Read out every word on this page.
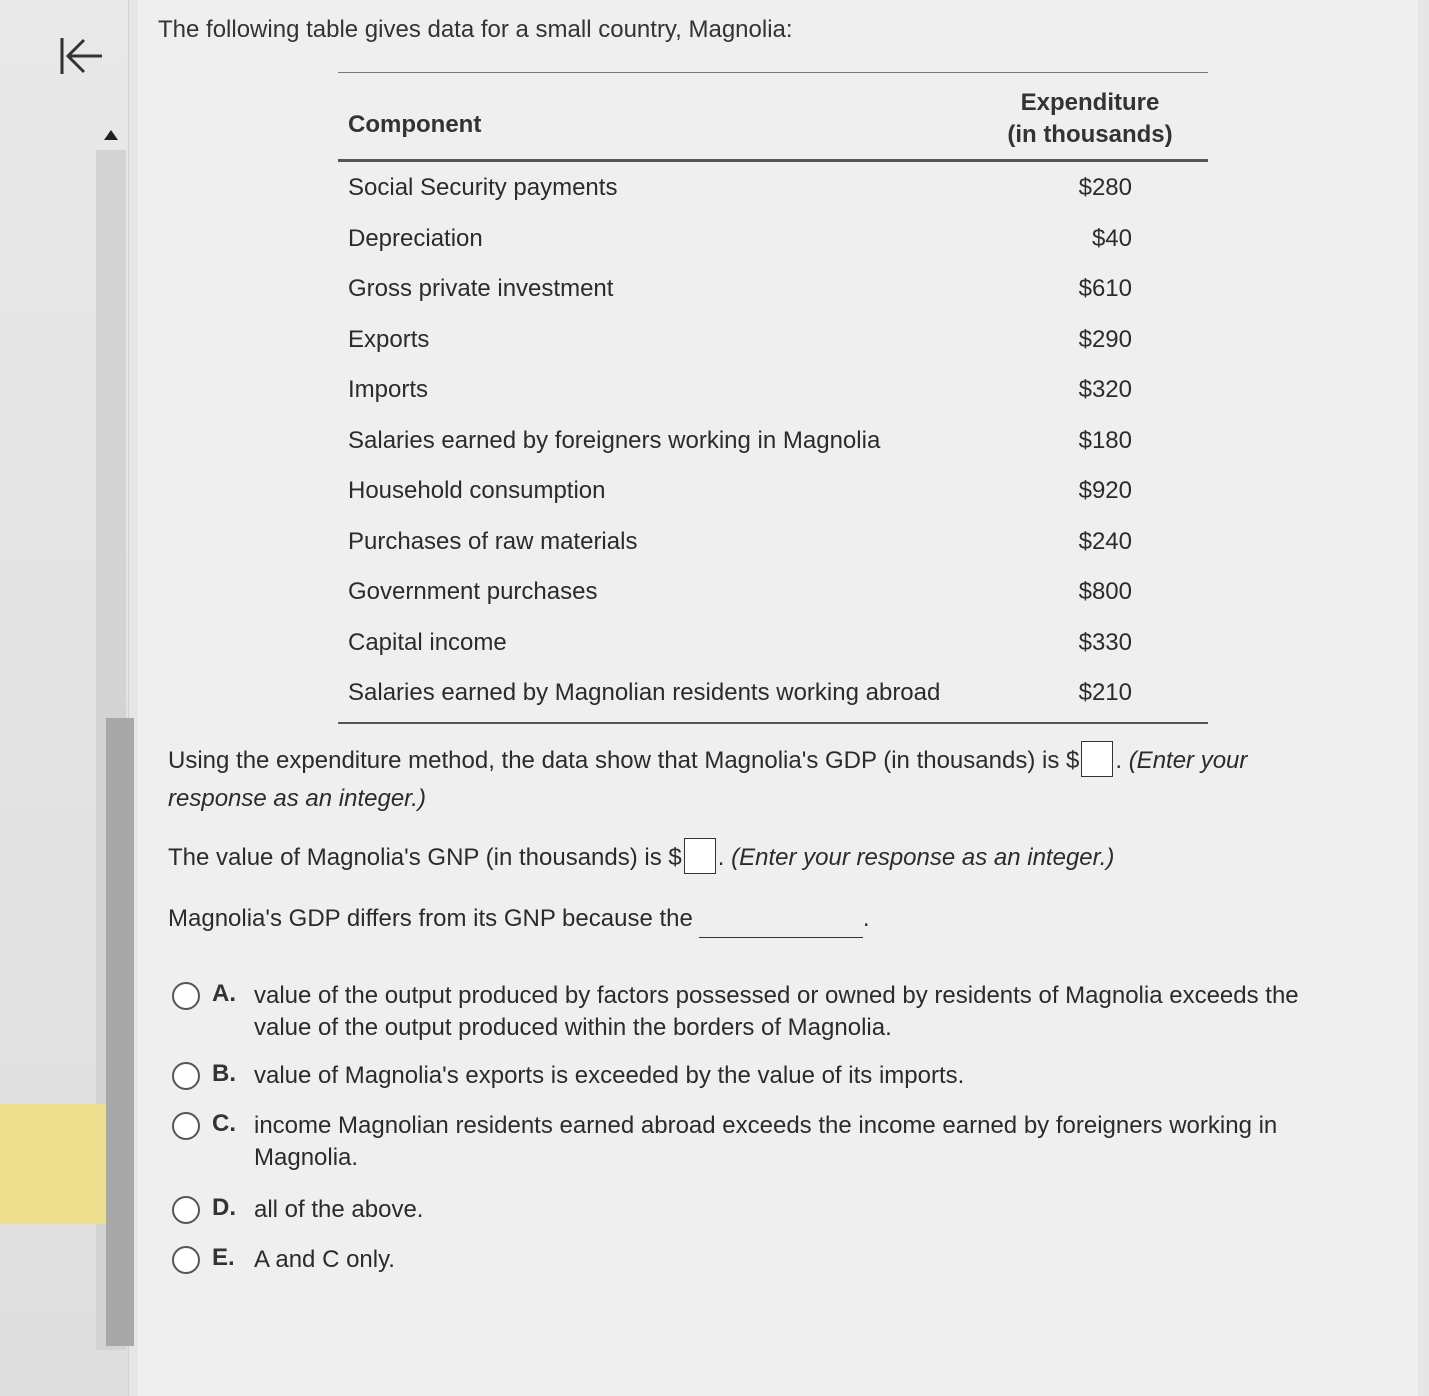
The following table gives data for a small country, Magnolia:
Component
Expenditure
(in thousands)
Social Security payments	$280
Depreciation	$40
Gross private investment	$610
Exports	$290
Imports	$320
Salaries earned by foreigners working in Magnolia	$180
Household consumption	$920
Purchases of raw materials	$240
Government purchases	$800
Capital income	$330
Salaries earned by Magnolian residents working abroad	$210
Using the expenditure method, the data show that Magnolia's GDP (in thousands) is $ . (Enter your response as an integer.)
The value of Magnolia's GNP (in thousands) is $ . (Enter your response as an integer.)
Magnolia's GDP differs from its GNP because the	.
A. value of the output produced by factors possessed or owned by residents of Magnolia exceeds the value of the output produced within the borders of Magnolia.
B. value of Magnolia's exports is exceeded by the value of its imports.
C. income Magnolian residents earned abroad exceeds the income earned by foreigners working in Magnolia.
D. all of the above.
E. A and C only.
